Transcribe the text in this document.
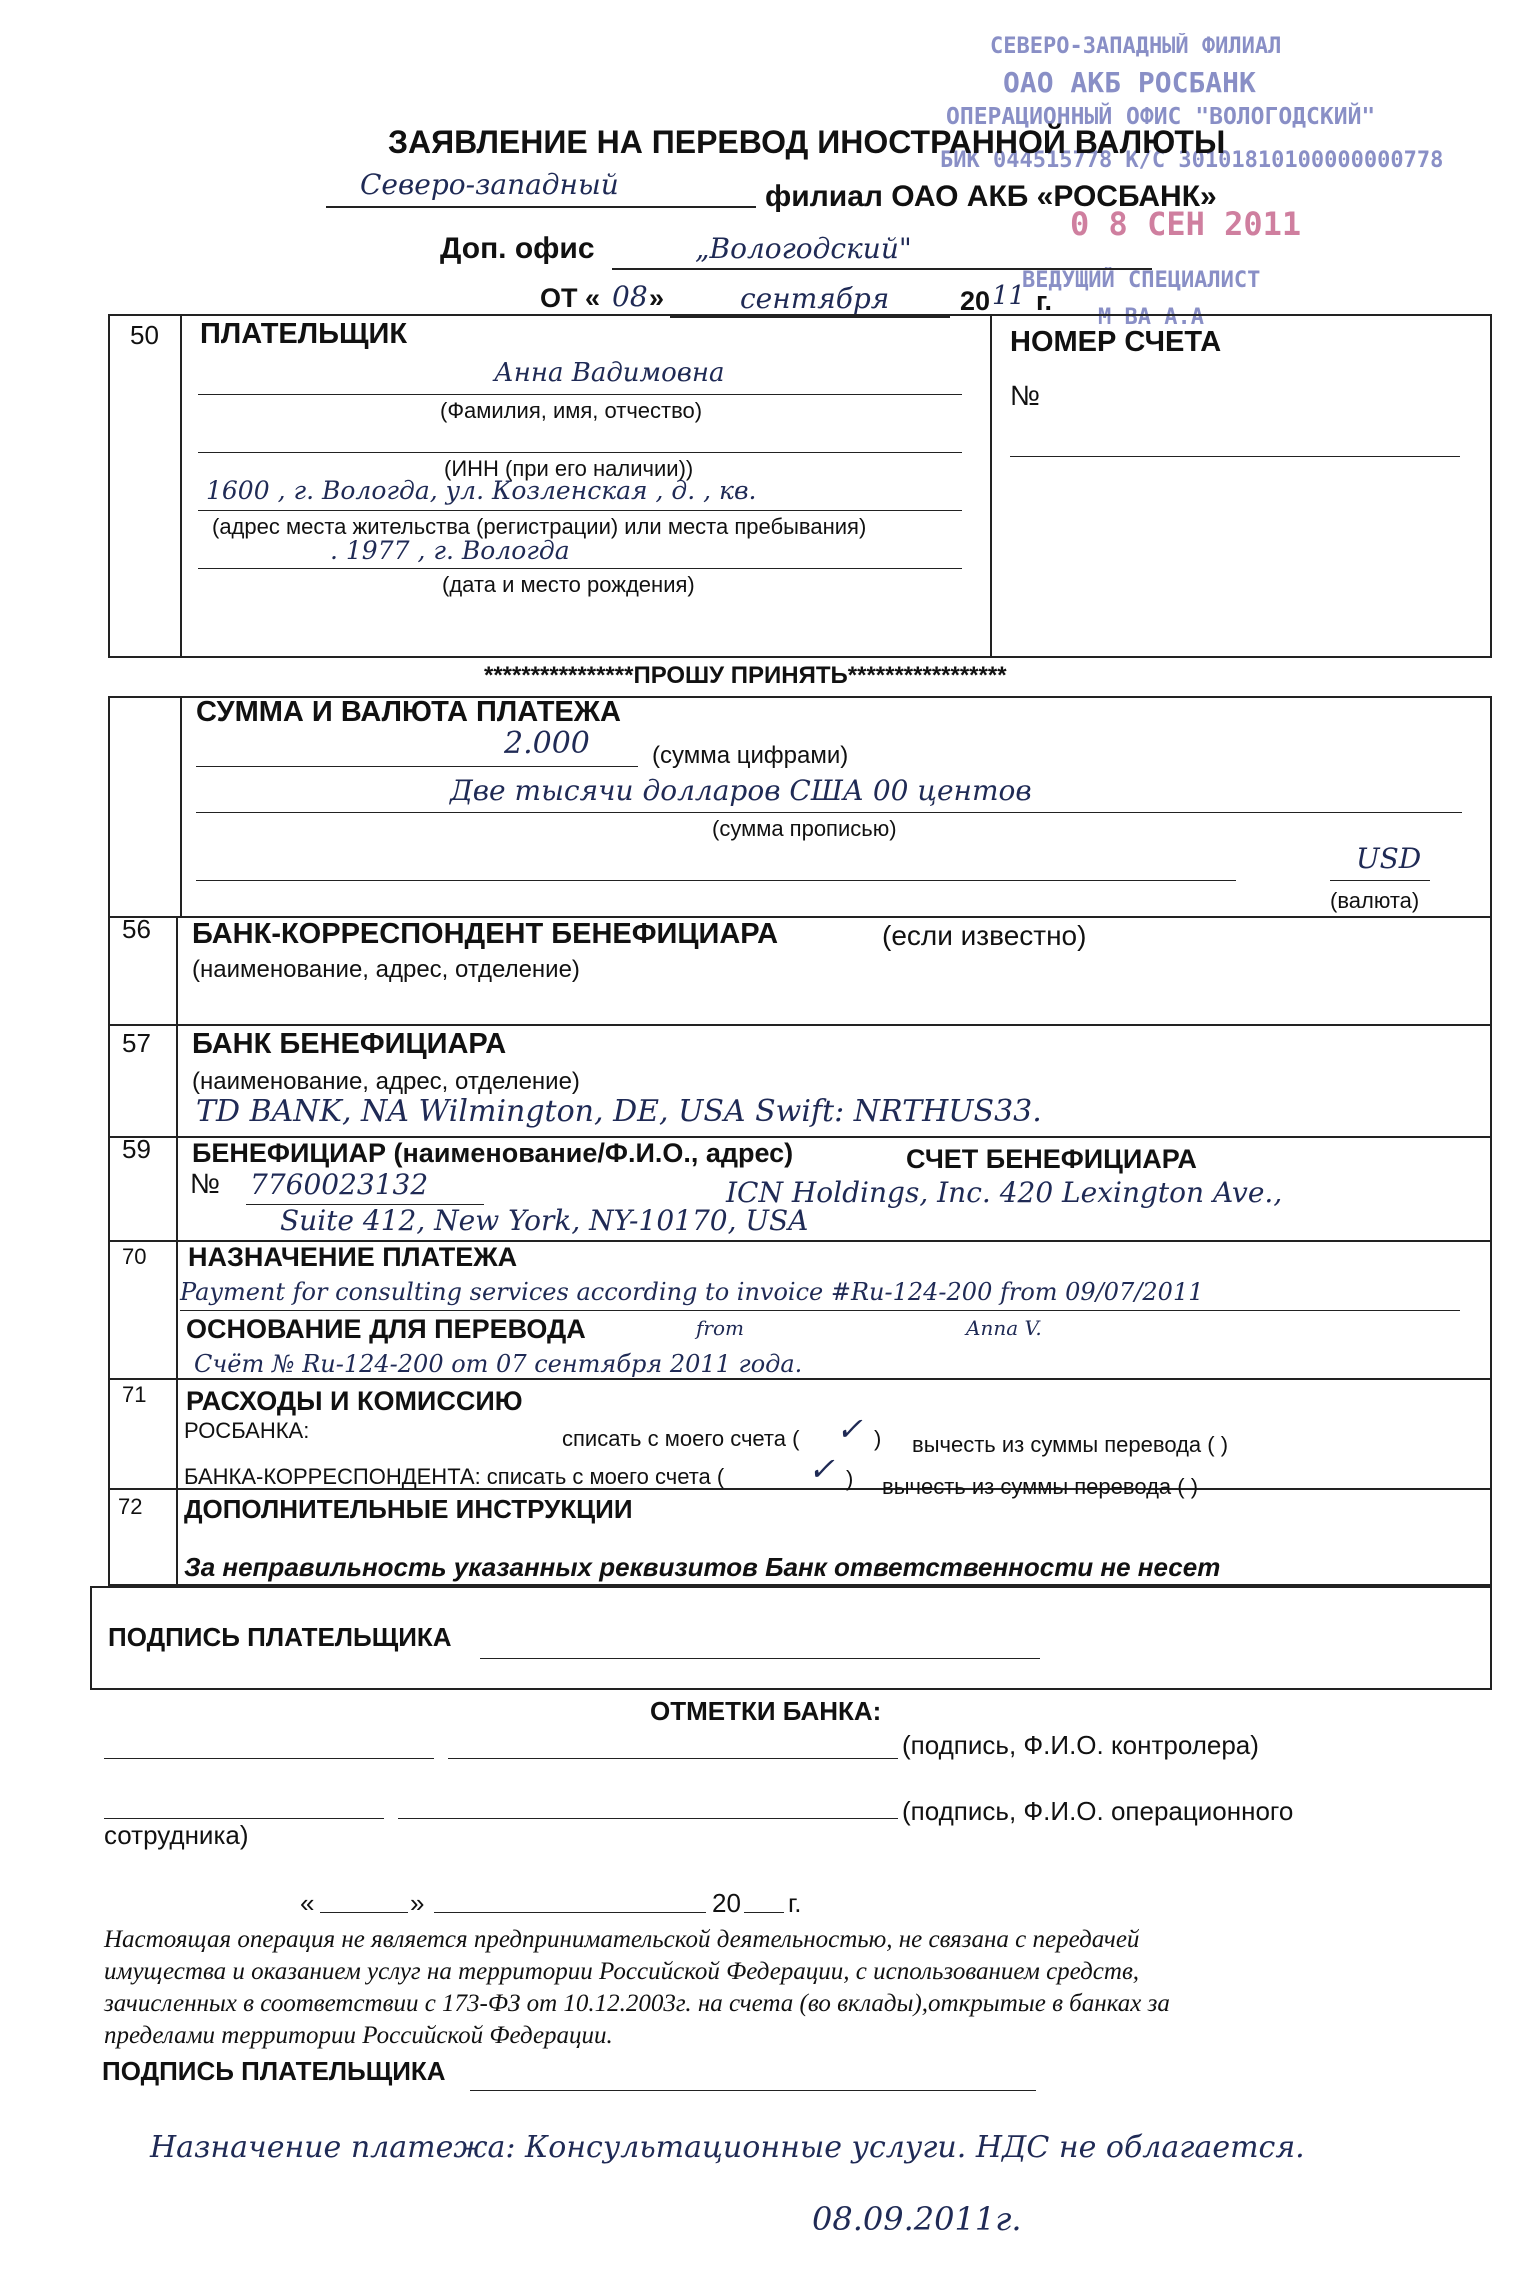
СЕВЕРО-ЗАПАДНЫЙ ФИЛИАЛ
ОАО АКБ РОСБАНК
ОПЕРАЦИОННЫЙ ОФИС "ВОЛОГОДСКИЙ"
БИК 044515778 К/С 30101810100000000778
0 8 СЕН 2011
ВЕДУЩИЙ СПЕЦИАЛИСТ
М ВА А.А
ЗАЯВЛЕНИЕ НА ПЕРЕВОД ИНОСТРАННОЙ ВАЛЮТЫ
Северо-западный	филиал ОАО АКБ «РОСБАНК»
Доп. офис	„Вологодский"
ОТ « 08 »	сентября	20 11 г.
50 ПЛАТЕЛЬЩИК
Анна Вадимовна
(Фамилия, имя, отчество)
(ИНН (при его наличии))
1600 , г. Вологда, ул. Козленская , д. , кв.
(адрес места жительства (регистрации) или места пребывания)
. 1977 , г. Вологда
(дата и место рождения)
НОМЕР СЧЕТА
№
****************ПРОШУ ПРИНЯТЬ*****************
СУММА И ВАЛЮТА ПЛАТЕЖА
2.000	(сумма цифрами)
Две тысячи долларов США 00 центов
(сумма прописью)
USD
(валюта)
56 БАНК-КОРРЕСПОНДЕНТ БЕНЕФИЦИАРА	(если известно)
(наименование, адрес, отделение)
57 БАНК БЕНЕФИЦИАРА
(наименование, адрес, отделение)
TD BANK, NA Wilmington, DE, USA Swift: NRTHUS33.
59 БЕНЕФИЦИАР (наименование/Ф.И.О., адрес)	СЧЕТ БЕНЕФИЦИАРА
№ 7760023132	ICN Holdings, Inc. 420 Lexington Ave.,
Suite 412, New York, NY-10170, USA
70 НАЗНАЧЕНИЕ ПЛАТЕЖА
Payment for consulting services according to invoice #Ru-124-200 from 09/07/2011
ОСНОВАНИЕ ДЛЯ ПЕРЕВОДА	from	Anna V.
Счёт № Ru-124-200 от 07 сентября 2011 года.
71 РАСХОДЫ И КОМИССИЮ
РОСБАНКА:	списать с моего счета ( ✓ ) вычесть из суммы перевода ( )
БАНКА-КОРРЕСПОНДЕНТА: списать с моего счета (	✓ ) вычесть из суммы перевода ( )
72 ДОПОЛНИТЕЛЬНЫЕ ИНСТРУКЦИИ
За неправильность указанных реквизитов Банк ответственности не несет
ПОДПИСЬ ПЛАТЕЛЬЩИКА
ОТМЕТКИ БАНКА:
(подпись, Ф.И.О. контролера)
(подпись, Ф.И.О. операционного
сотрудника)
«	»	20 г.
Настоящая операция не является предпринимательской деятельностью, не связана с передачей
имущества и оказанием услуг на территории Российской Федерации, с использованием средств,
зачисленных в соответствии с 173-ФЗ от 10.12.2003г. на счета (во вклады),открытые в банках за
пределами территории Российской Федерации.
ПОДПИСЬ ПЛАТЕЛЬЩИКА
Назначение платежа: Консультационные услуги. НДС не облагается.
08.09.2011г.
